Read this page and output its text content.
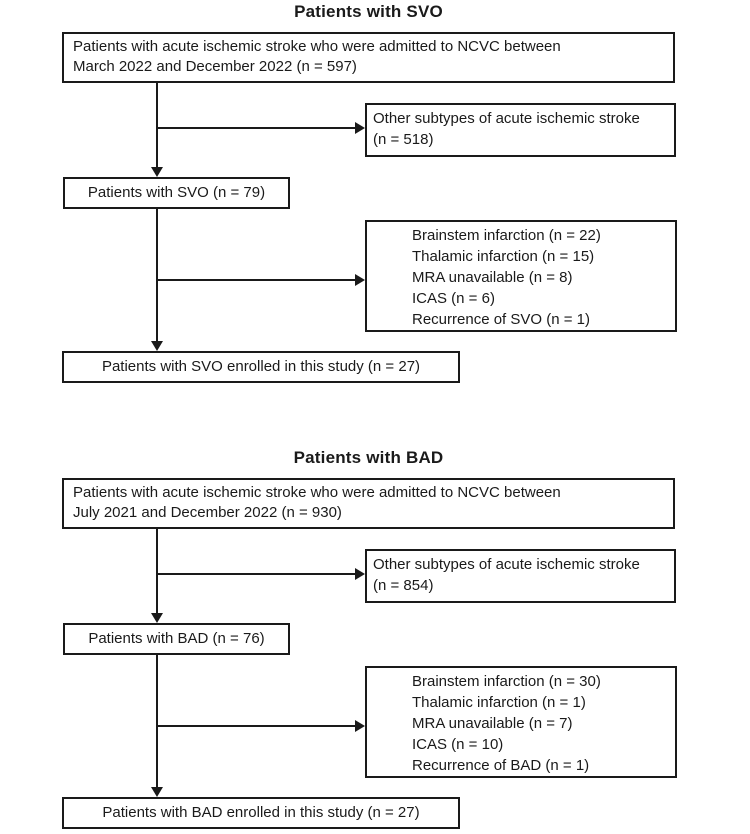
Patients with SVO
Patients with acute ischemic stroke who were admitted to NCVC between
March 2022 and December 2022 (n = 597)
Other subtypes of acute ischemic stroke
(n = 518)
Patients with SVO (n = 79)
Brainstem infarction (n = 22)
Thalamic infarction (n = 15)
MRA unavailable (n = 8)
ICAS (n = 6)
Recurrence of SVO (n = 1)
Patients with SVO enrolled in this study (n = 27)
Patients with BAD
Patients with acute ischemic stroke who were admitted to NCVC between
July 2021 and December 2022 (n = 930)
Other subtypes of acute ischemic stroke
(n = 854)
Patients with BAD (n = 76)
Brainstem infarction (n = 30)
Thalamic infarction (n = 1)
MRA unavailable (n = 7)
ICAS (n = 10)
Recurrence of BAD (n = 1)
Patients with BAD enrolled in this study (n = 27)
